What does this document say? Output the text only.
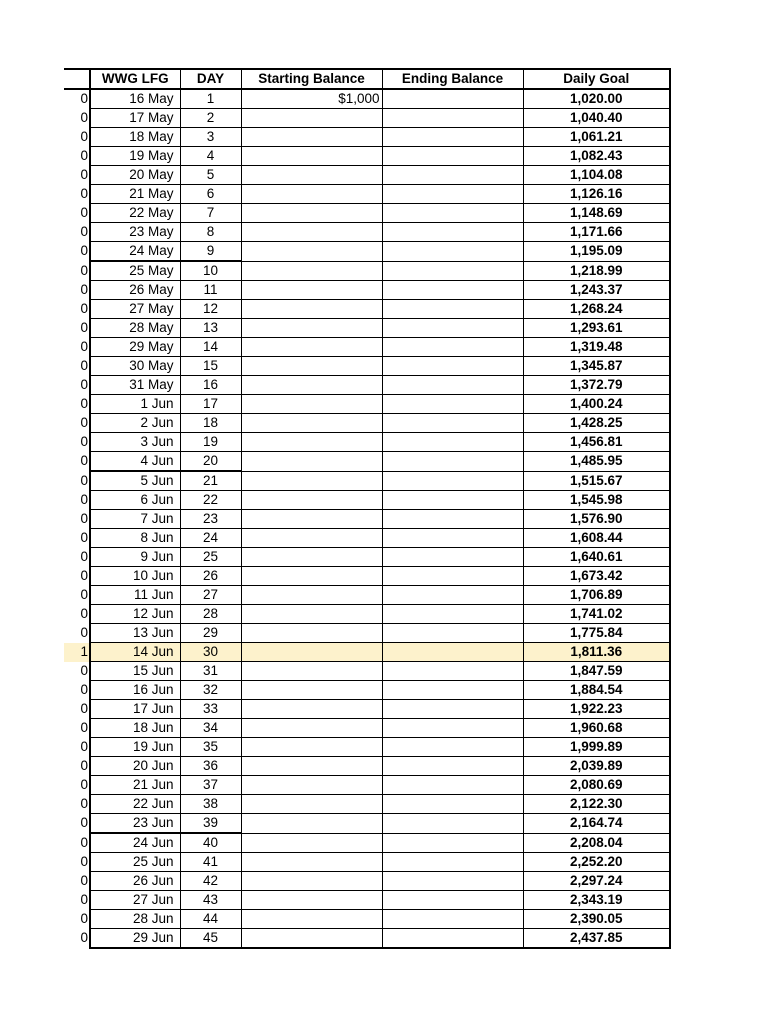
	WWG LFG	DAY	Starting Balance	Ending Balance	Daily Goal
0	16 May	1	$1,000		1,020.00
0	17 May	2			1,040.40
0	18 May	3			1,061.21
0	19 May	4			1,082.43
0	20 May	5			1,104.08
0	21 May	6			1,126.16
0	22 May	7			1,148.69
0	23 May	8			1,171.66
0	24 May	9			1,195.09
0	25 May	10			1,218.99
0	26 May	11			1,243.37
0	27 May	12			1,268.24
0	28 May	13			1,293.61
0	29 May	14			1,319.48
0	30 May	15			1,345.87
0	31 May	16			1,372.79
0	1 Jun	17			1,400.24
0	2 Jun	18			1,428.25
0	3 Jun	19			1,456.81
0	4 Jun	20			1,485.95
0	5 Jun	21			1,515.67
0	6 Jun	22			1,545.98
0	7 Jun	23			1,576.90
0	8 Jun	24			1,608.44
0	9 Jun	25			1,640.61
0	10 Jun	26			1,673.42
0	11 Jun	27			1,706.89
0	12 Jun	28			1,741.02
0	13 Jun	29			1,775.84
1	14 Jun	30			1,811.36
0	15 Jun	31			1,847.59
0	16 Jun	32			1,884.54
0	17 Jun	33			1,922.23
0	18 Jun	34			1,960.68
0	19 Jun	35			1,999.89
0	20 Jun	36			2,039.89
0	21 Jun	37			2,080.69
0	22 Jun	38			2,122.30
0	23 Jun	39			2,164.74
0	24 Jun	40			2,208.04
0	25 Jun	41			2,252.20
0	26 Jun	42			2,297.24
0	27 Jun	43			2,343.19
0	28 Jun	44			2,390.05
0	29 Jun	45			2,437.85
